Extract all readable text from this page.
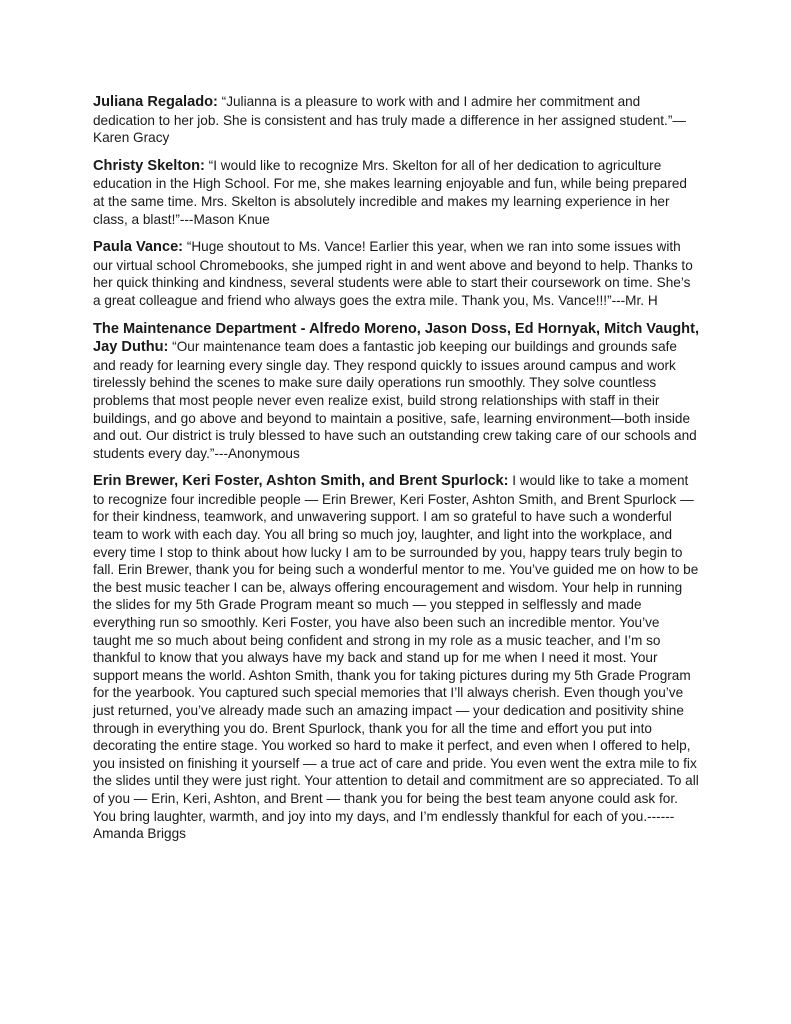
Juliana Regalado: “Julianna is a pleasure to work with and I admire her commitment and dedication to her job. She is consistent and has truly made a difference in her assigned student.”—Karen Gracy

Christy Skelton: “I would like to recognize Mrs. Skelton for all of her dedication to agriculture education in the High School. For me, she makes learning enjoyable and fun, while being prepared at the same time. Mrs. Skelton is absolutely incredible and makes my learning experience in her class, a blast!”---Mason Knue

Paula Vance: “Huge shoutout to Ms. Vance! Earlier this year, when we ran into some issues with our virtual school Chromebooks, she jumped right in and went above and beyond to help. Thanks to her quick thinking and kindness, several students were able to start their coursework on time. She’s a great colleague and friend who always goes the extra mile. Thank you, Ms. Vance!!!”---Mr. H

The Maintenance Department - Alfredo Moreno, Jason Doss, Ed Hornyak, Mitch Vaught, Jay Duthu: “Our maintenance team does a fantastic job keeping our buildings and grounds safe and ready for learning every single day. They respond quickly to issues around campus and work tirelessly behind the scenes to make sure daily operations run smoothly. They solve countless problems that most people never even realize exist, build strong relationships with staff in their buildings, and go above and beyond to maintain a positive, safe, learning environment—both inside and out. Our district is truly blessed to have such an outstanding crew taking care of our schools and students every day.”---Anonymous

Erin Brewer, Keri Foster, Ashton Smith, and Brent Spurlock: I would like to take a moment to recognize four incredible people — Erin Brewer, Keri Foster, Ashton Smith, and Brent Spurlock — for their kindness, teamwork, and unwavering support. I am so grateful to have such a wonderful team to work with each day. You all bring so much joy, laughter, and light into the workplace, and every time I stop to think about how lucky I am to be surrounded by you, happy tears truly begin to fall. Erin Brewer, thank you for being such a wonderful mentor to me. You’ve guided me on how to be the best music teacher I can be, always offering encouragement and wisdom. Your help in running the slides for my 5th Grade Program meant so much — you stepped in selflessly and made everything run so smoothly. Keri Foster, you have also been such an incredible mentor. You’ve taught me so much about being confident and strong in my role as a music teacher, and I’m so thankful to know that you always have my back and stand up for me when I need it most. Your support means the world. Ashton Smith, thank you for taking pictures during my 5th Grade Program for the yearbook. You captured such special memories that I’ll always cherish. Even though you’ve just returned, you’ve already made such an amazing impact — your dedication and positivity shine through in everything you do. Brent Spurlock, thank you for all the time and effort you put into decorating the entire stage. You worked so hard to make it perfect, and even when I offered to help, you insisted on finishing it yourself — a true act of care and pride. You even went the extra mile to fix the slides until they were just right. Your attention to detail and commitment are so appreciated. To all of you — Erin, Keri, Ashton, and Brent — thank you for being the best team anyone could ask for. You bring laughter, warmth, and joy into my days, and I’m endlessly thankful for each of you.------Amanda Briggs
